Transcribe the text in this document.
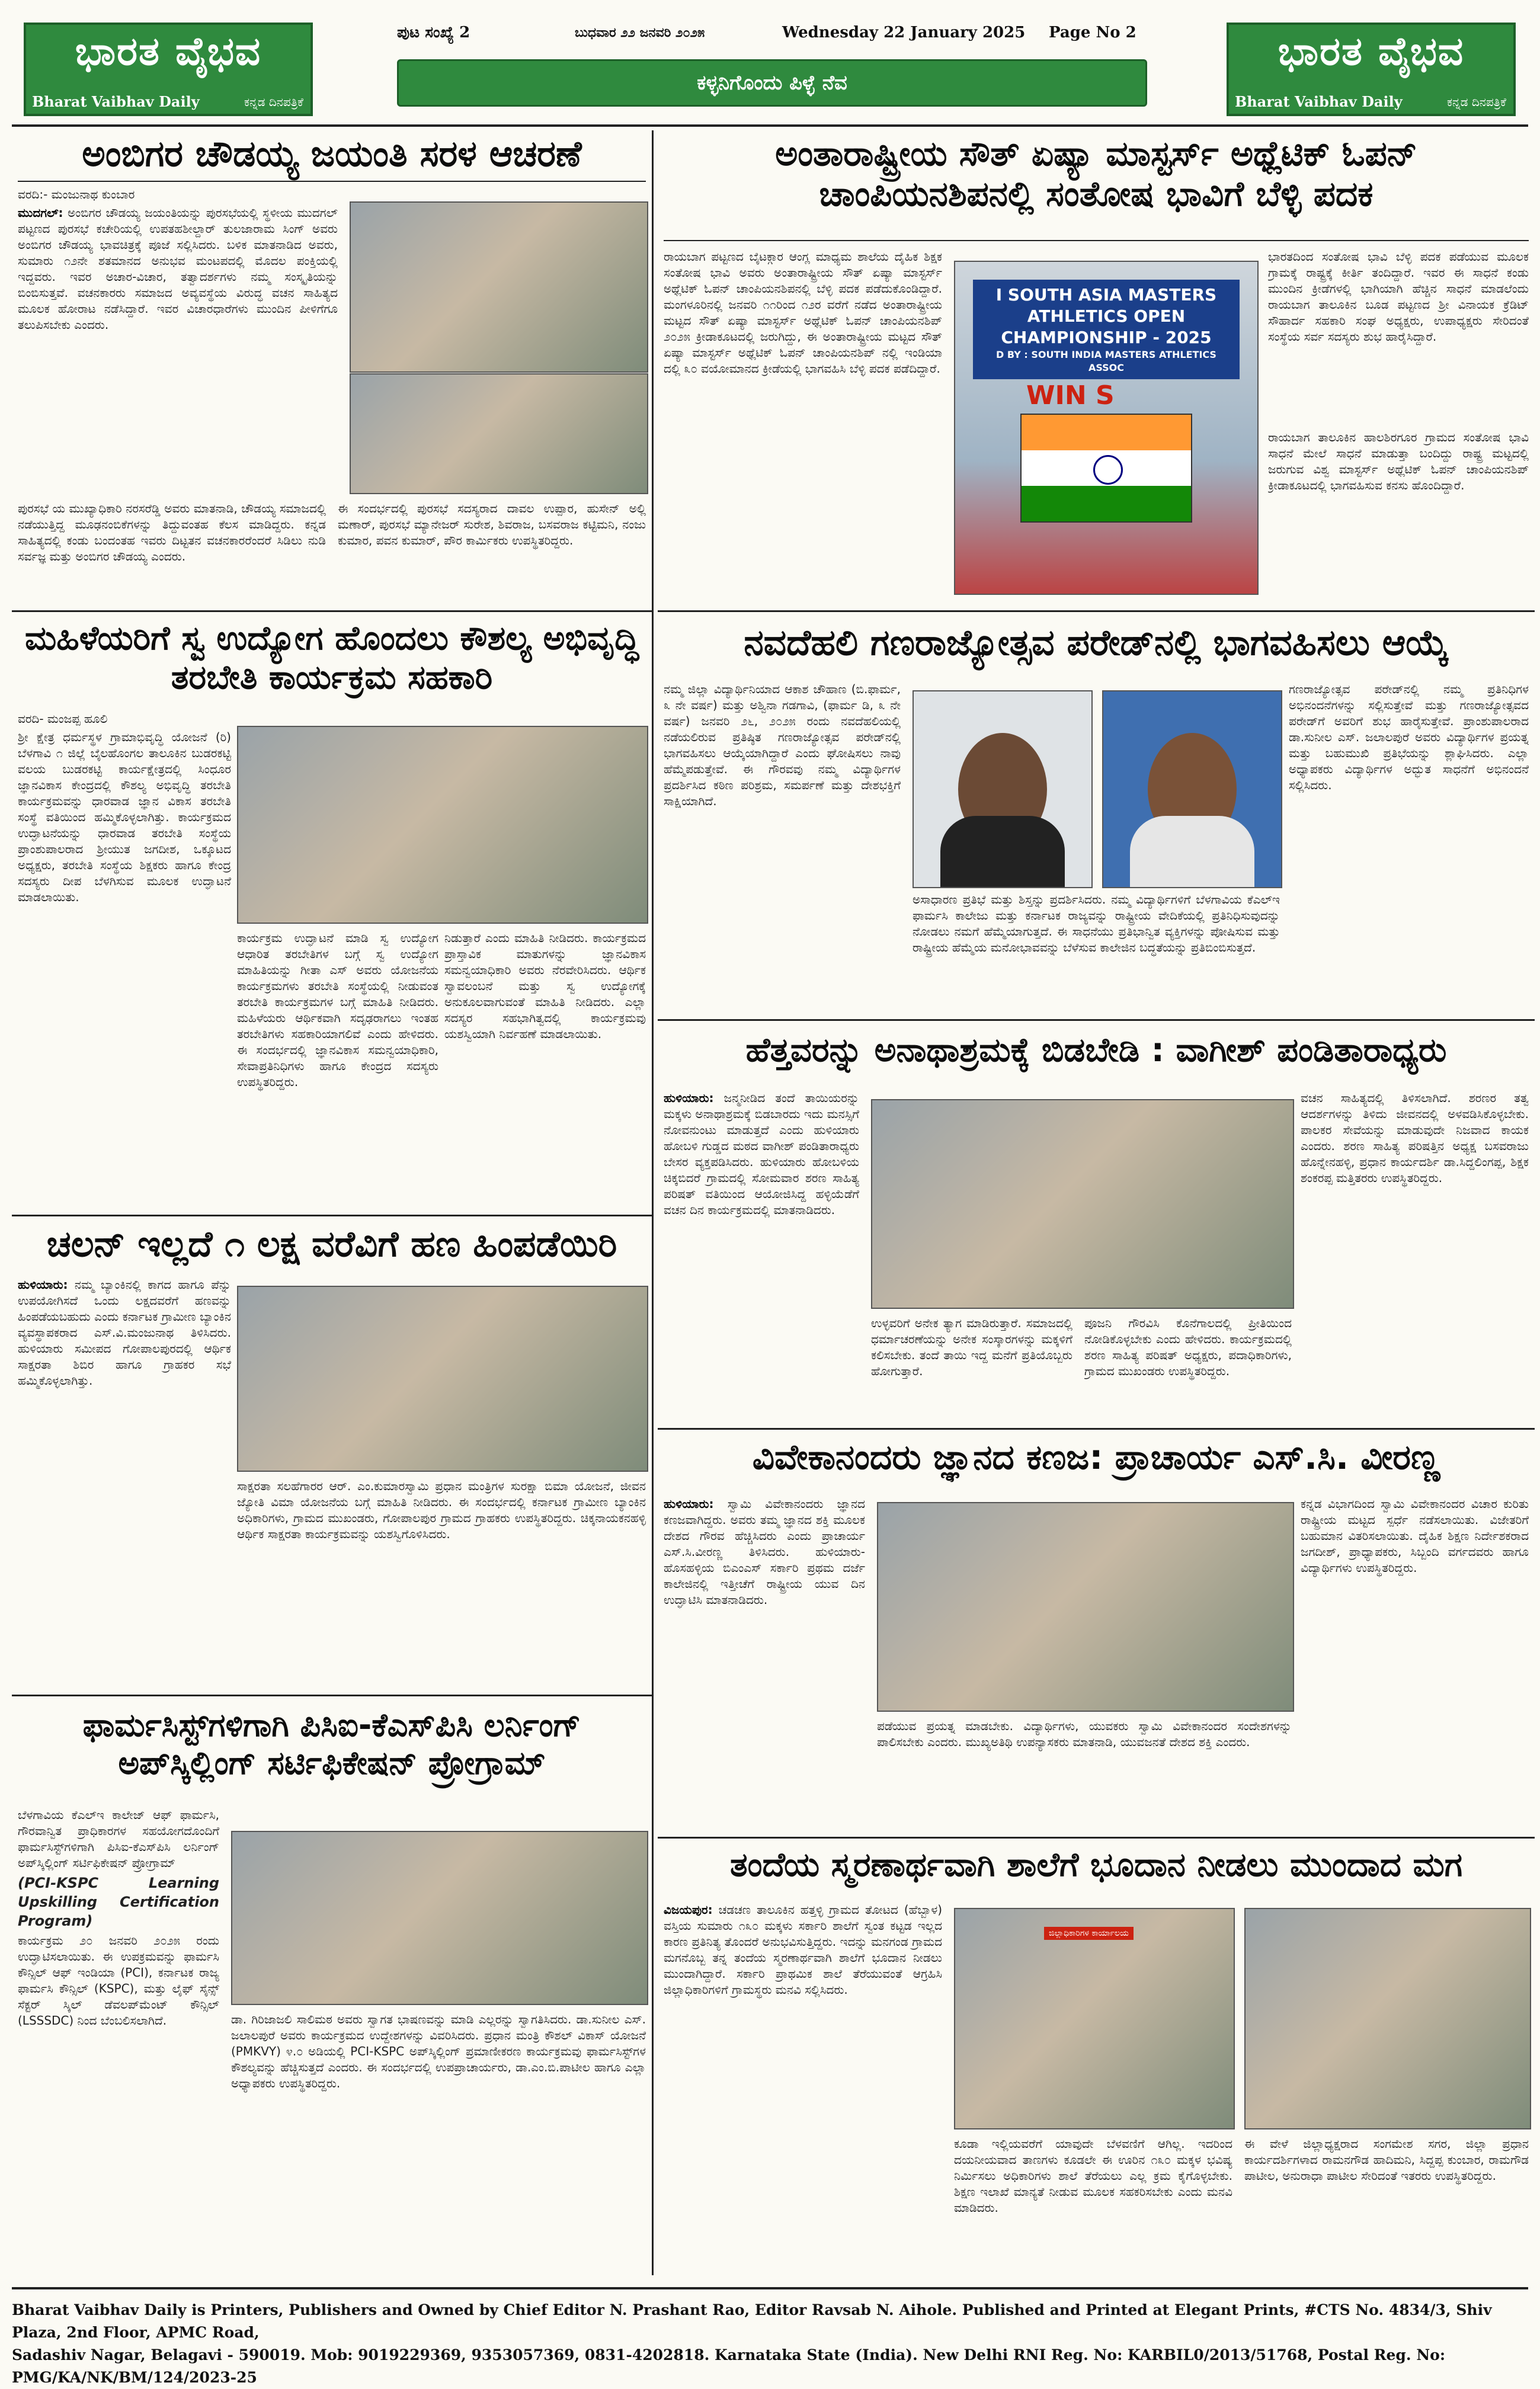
ಭಾರತ ವೈಭವ
Bharat Vaibhav Daily	ಕನ್ನಡ ದಿನಪತ್ರಿಕೆ
ಭಾರತ ವೈಭವ
Bharat Vaibhav Daily	ಕನ್ನಡ ದಿನಪತ್ರಿಕೆ
ಪುಟ ಸಂಖ್ಯೆ 2	ಬುಧವಾರ ೨೨ ಜನವರಿ ೨೦೨೫	Wednesday 22 January 2025 Page No 2
ಕಳ್ಳನಿಗೊಂದು ಪಿಳ್ಳೆ ನೆವ
ಅಂಬಿಗರ ಚೌಡಯ್ಯ ಜಯಂತಿ ಸರಳ ಆಚರಣೆ

ವರದಿ:- ಮಂಜುನಾಥ ಕುಂಬಾರ

ಮುದಗಲ್: ಅಂಬಿಗರ ಚೌಡಯ್ಯ ಜಯಂತಿಯನ್ನು ಪುರಸಭೆಯಲ್ಲಿ ಸ್ಥಳೀಯ ಮುದಗಲ್ ಪಟ್ಟಣದ ಪುರಸಭೆ ಕಚೇರಿಯಲ್ಲಿ ಉಪತಹಶೀಲ್ದಾರ್ ತುಲಜಾರಾಮ ಸಿಂಗ್ ಅವರು ಅಂಬಿಗರ ಚೌಡಯ್ಯ ಭಾವಚಿತ್ರಕ್ಕೆ ಪೂಜೆ ಸಲ್ಲಿಸಿದರು. ಬಳಿಕ ಮಾತನಾಡಿದ ಅವರು, ಸುಮಾರು ೧೨ನೇ ಶತಮಾನದ ಅನುಭವ ಮಂಟಪದಲ್ಲಿ ಮೊದಲ ಪಂಕ್ತಿಯಲ್ಲಿ ಇದ್ದವರು. ಇವರ ಅಚಾರ-ವಿಚಾರ, ತತ್ವಾದರ್ಶಗಳು ನಮ್ಮ ಸಂಸ್ಕೃತಿಯನ್ನು ಬಿಂಬಿಸುತ್ತವೆ. ವಚನಕಾರರು ಸಮಾಜದ ಅವ್ಯವಸ್ಥೆಯ ವಿರುದ್ಧ ವಚನ ಸಾಹಿತ್ಯದ ಮೂಲಕ ಹೋರಾಟ ನಡೆಸಿದ್ದಾರೆ. ಇವರ ವಿಚಾರಧಾರೆಗಳು ಮುಂದಿನ ಪೀಳಿಗೆಗೂ ತಲುಪಿಸಬೇಕು ಎಂದರು.

ಪುರಸಭೆ ಯ ಮುಖ್ಯಾಧಿಕಾರಿ ನರಸರೆಡ್ಡಿ ಅವರು ಮಾತನಾಡಿ, ಚೌಡಯ್ಯ ಸಮಾಜದಲ್ಲಿ ನಡೆಯುತ್ತಿದ್ದ ಮೂಢನಂಬಿಕೆಗಳನ್ನು ತಿದ್ದುವಂತಹ ಕೆಲಸ ಮಾಡಿದ್ದರು. ಕನ್ನಡ ಸಾಹಿತ್ಯದಲ್ಲಿ ಕಂಡು ಬಂದಂತಹ ಇವರು ದಿಟ್ಟತನ ವಚನಕಾರರೆಂದರೆ ಸಿಡಿಲು ನುಡಿ ಸರ್ವಜ್ಞ ಮತ್ತು ಅಂಬಿಗರ ಚೌಡಯ್ಯ ಎಂದರು.
ಈ ಸಂದರ್ಭದಲ್ಲಿ ಪುರಸಭೆ ಸದಸ್ಯರಾದ ದಾವಲ ಉಪ್ಪಾರ, ಹುಸೇನ್ ಅಲ್ಲಿ ಮಣಾರ್, ಪುರಸಭೆ ಮ್ಯಾನೇಜರ್ ಸುರೇಶ, ಶಿವರಾಜ, ಬಸವರಾಜ ಕಟ್ಟಿಮನಿ, ನಂಜು ಕುಮಾರ, ಪವನ ಕುಮಾರ್, ಪೌರ ಕಾರ್ಮಿಕರು ಉಪಸ್ಥಿತರಿದ್ದರು.
ಮಹಿಳೆಯರಿಗೆ ಸ್ವ ಉದ್ಯೋಗ ಹೊಂದಲು ಕೌಶಲ್ಯ ಅಭಿವೃದ್ಧಿ ತರಬೇತಿ ಕಾರ್ಯಕ್ರಮ ಸಹಕಾರಿ

ವರದಿ- ಮಂಜಪ್ಪ ಹೂಲಿ

ಶ್ರೀ ಕ್ಷೇತ್ರ ಧರ್ಮಸ್ಥಳ ಗ್ರಾಮಾಭಿವೃದ್ಧಿ ಯೋಜನೆ (ರಿ) ಬೆಳಗಾವಿ ೧ ಜಿಲ್ಲೆ ಬೈಲಹೊಂಗಲ ತಾಲೂಕಿನ ಬುಡರಕಟ್ಟಿ ವಲಯ ಬುಡರಕಟ್ಟಿ ಕಾರ್ಯಕ್ಷೇತ್ರದಲ್ಲಿ ಸಿಂಧೂರ ಜ್ಞಾನವಿಕಾಸ ಕೇಂದ್ರದಲ್ಲಿ ಕೌಶಲ್ಯ ಅಭಿವೃದ್ಧಿ ತರಬೇತಿ ಕಾರ್ಯಕ್ರಮವನ್ನು ಧಾರವಾಡ ಜ್ಞಾನ ವಿಕಾಸ ತರಬೇತಿ ಸಂಸ್ಥೆ ವತಿಯಿಂದ ಹಮ್ಮಿಕೊಳ್ಳಲಾಗಿತ್ತು. ಕಾರ್ಯಕ್ರಮದ ಉದ್ಘಾಟನೆಯನ್ನು ಧಾರವಾಡ ತರಬೇತಿ ಸಂಸ್ಥೆಯ ಪ್ರಾಂಶುಪಾಲರಾದ ಶ್ರೀಯುತ ಜಗದೀಶ, ಒಕ್ಕೂಟದ ಅಧ್ಯಕ್ಷರು, ತರಬೇತಿ ಸಂಸ್ಥೆಯ ಶಿಕ್ಷಕರು ಹಾಗೂ ಕೇಂದ್ರ ಸದಸ್ಯರು ದೀಪ ಬೆಳಗಿಸುವ ಮೂಲಕ ಉದ್ಘಾಟನೆ ಮಾಡಲಾಯಿತು.

ಕಾರ್ಯಕ್ರಮ ಉದ್ಘಾಟನೆ ಮಾಡಿ ಸ್ವ ಉದ್ಯೋಗ ಆಧಾರಿತ ತರಬೇತಿಗಳ ಬಗ್ಗೆ ಸ್ವ ಉದ್ಯೋಗ ಮಾಹಿತಿಯನ್ನು ಗೀತಾ ಎಸ್ ಅವರು ಯೋಜನೆಯ ಕಾರ್ಯಕ್ರಮಗಳು ತರಬೇತಿ ಸಂಸ್ಥೆಯಲ್ಲಿ ನೀಡುವಂತ ತರಬೇತಿ ಕಾರ್ಯಕ್ರಮಗಳ ಬಗ್ಗೆ ಮಾಹಿತಿ ನೀಡಿದರು. ಮಹಿಳೆಯರು ಆರ್ಥಿಕವಾಗಿ ಸದೃಢರಾಗಲು ಇಂತಹ ತರಬೇತಿಗಳು ಸಹಕಾರಿಯಾಗಲಿವೆ ಎಂದು ಹೇಳಿದರು. ಈ ಸಂದರ್ಭದಲ್ಲಿ ಜ್ಞಾನವಿಕಾಸ ಸಮನ್ವಯಾಧಿಕಾರಿ, ಸೇವಾಪ್ರತಿನಿಧಿಗಳು ಹಾಗೂ ಕೇಂದ್ರದ ಸದಸ್ಯರು ಉಪಸ್ಥಿತರಿದ್ದರು.
ನಿಡುತ್ತಾರೆ ಎಂದು ಮಾಹಿತಿ ನೀಡಿದರು. ಕಾರ್ಯಕ್ರಮದ ಪ್ರಾಸ್ತಾವಿಕ ಮಾತುಗಳನ್ನು ಜ್ಞಾನವಿಕಾಸ ಸಮನ್ವಯಾಧಿಕಾರಿ ಅವರು ನೆರವೇರಿಸಿದರು. ಆರ್ಥಿಕ ಸ್ವಾವಲಂಬನೆ ಮತ್ತು ಸ್ವ ಉದ್ಯೋಗಕ್ಕೆ ಅನುಕೂಲವಾಗುವಂತೆ ಮಾಹಿತಿ ನೀಡಿದರು. ಎಲ್ಲಾ ಸದಸ್ಯರ ಸಹಭಾಗಿತ್ವದಲ್ಲಿ ಕಾರ್ಯಕ್ರಮವು ಯಶಸ್ವಿಯಾಗಿ ನಿರ್ವಹಣೆ ಮಾಡಲಾಯಿತು.
ಚಲನ್ ಇಲ್ಲದೆ ೧ ಲಕ್ಷ ವರೆವಿಗೆ ಹಣ ಹಿಂಪಡೆಯಿರಿ

ಹುಳಿಯಾರು: ನಮ್ಮ ಬ್ಯಾಂಕಿನಲ್ಲಿ ಕಾಗದ ಹಾಗೂ ಪೆನ್ನು ಉಪಯೋಗಿಸದೆ ಒಂದು ಲಕ್ಷದವರೆಗೆ ಹಣವನ್ನು ಹಿಂಪಡೆಯಬಹುದು ಎಂದು ಕರ್ನಾಟಕ ಗ್ರಾಮೀಣ ಬ್ಯಾಂಕಿನ ವ್ಯವಸ್ಥಾಪಕರಾದ ಎಸ್.ವಿ.ಮಂಜುನಾಥ ತಿಳಿಸಿದರು. ಹುಳಿಯಾರು ಸಮೀಪದ ಗೋಪಾಲಪುರದಲ್ಲಿ ಆರ್ಥಿಕ ಸಾಕ್ಷರತಾ ಶಿಬಿರ ಹಾಗೂ ಗ್ರಾಹಕರ ಸಭೆ ಹಮ್ಮಿಕೊಳ್ಳಲಾಗಿತ್ತು.

ಸಾಕ್ಷರತಾ ಸಲಹೆಗಾರರ ಆರ್. ಎಂ.ಕುಮಾರಸ್ವಾಮಿ ಪ್ರಧಾನ ಮಂತ್ರಿಗಳ ಸುರಕ್ಷಾ ಬಿಮಾ ಯೋಜನೆ, ಜೀವನ ಜ್ಯೋತಿ ವಿಮಾ ಯೋಜನೆಯ ಬಗ್ಗೆ ಮಾಹಿತಿ ನೀಡಿದರು. ಈ ಸಂದರ್ಭದಲ್ಲಿ ಕರ್ನಾಟಕ ಗ್ರಾಮೀಣ ಬ್ಯಾಂಕಿನ ಅಧಿಕಾರಿಗಳು, ಗ್ರಾಮದ ಮುಖಂಡರು, ಗೋಪಾಲಪುರ ಗ್ರಾಮದ ಗ್ರಾಹಕರು ಉಪಸ್ಥಿತರಿದ್ದರು. ಚಿಕ್ಕನಾಯಕನಹಳ್ಳಿ ಆರ್ಥಿಕ ಸಾಕ್ಷರತಾ ಕಾರ್ಯಕ್ರಮವನ್ನು ಯಶಸ್ವಿಗೊಳಿಸಿದರು.
ಫಾರ್ಮಸಿಸ್ಟ್‌ಗಳಿಗಾಗಿ ಪಿಸಿಐ-ಕೆಎಸ್‌ಪಿಸಿ ಲರ್ನಿಂಗ್ ಅಪ್‌ಸ್ಕಿಲ್ಲಿಂಗ್ ಸರ್ಟಿಫಿಕೇಷನ್ ಪ್ರೋಗ್ರಾಮ್

ಬೆಳಗಾವಿಯ ಕೆಎಲ್ಇ ಕಾಲೇಜ್ ಆಫ್ ಫಾರ್ಮಸಿ, ಗೌರವಾನ್ವಿತ ಪ್ರಾಧಿಕಾರಗಳ ಸಹಯೋಗದೊಂದಿಗೆ ಫಾರ್ಮಸಿಸ್ಟ್‌ಗಳಿಗಾಗಿ ಪಿಸಿಐ-ಕೆಎಸ್‌ಪಿಸಿ ಲರ್ನಿಂಗ್ ಅಪ್‌ಸ್ಕಿಲ್ಲಿಂಗ್ ಸರ್ಟಿಫಿಕೇಷನ್ ಪ್ರೋಗ್ರಾಮ್

(PCI-KSPC Learning Upskilling Certification Program)

ಕಾರ್ಯಕ್ರಮ ೨೦ ಜನವರಿ ೨೦೨೫ ರಂದು ಉದ್ಘಾಟಿಸಲಾಯಿತು. ಈ ಉಪಕ್ರಮವನ್ನು ಫಾರ್ಮಸಿ ಕೌನ್ಸಿಲ್ ಆಫ್ ಇಂಡಿಯಾ (PCI), ಕರ್ನಾಟಕ ರಾಜ್ಯ ಫಾರ್ಮಸಿ ಕೌನ್ಸಿಲ್ (KSPC), ಮತ್ತು ಲೈಫ್ ಸೈನ್ಸ್ ಸೆಕ್ಟರ್ ಸ್ಕಿಲ್ ಡೆವಲಪ್‌ಮೆಂಟ್ ಕೌನ್ಸಿಲ್ (LSSSDC) ನಿಂದ ಬೆಂಬಲಿಸಲಾಗಿದೆ.	ಡಾ. ಗಿರಿಜಾಜಲಿ ಸಾಲಿಮಠ ಅವರು ಸ್ವಾಗತ ಭಾಷಣವನ್ನು ಮಾಡಿ ಎಲ್ಲರನ್ನು ಸ್ವಾಗತಿಸಿದರು. ಡಾ.ಸುನೀಲ ಎಸ್. ಜಲಾಲಪುರೆ ಅವರು ಕಾರ್ಯಕ್ರಮದ ಉದ್ದೇಶಗಳನ್ನು ವಿವರಿಸಿದರು. ಪ್ರಧಾನ ಮಂತ್ರಿ ಕೌಶಲ್ ವಿಕಾಸ್ ಯೋಜನೆ (PMKVY) ೪.೦ ಅಡಿಯಲ್ಲಿ PCI-KSPC ಅಪ್‌ಸ್ಕಿಲ್ಲಿಂಗ್ ಪ್ರಮಾಣೀಕರಣ ಕಾರ್ಯಕ್ರಮವು ಫಾರ್ಮಸಿಸ್ಟ್‌ಗಳ ಕೌಶಲ್ಯವನ್ನು ಹೆಚ್ಚಿಸುತ್ತದೆ ಎಂದರು. ಈ ಸಂದರ್ಭದಲ್ಲಿ ಉಪಪ್ರಾಚಾರ್ಯರು, ಡಾ.ಎಂ.ಬಿ.ಪಾಟೀಲ ಹಾಗೂ ಎಲ್ಲಾ ಅಧ್ಯಾಪಕರು ಉಪಸ್ಥಿತರಿದ್ದರು.
ಅಂತಾರಾಷ್ಟ್ರೀಯ ಸೌತ್ ಏಷ್ಯಾ ಮಾಸ್ಟರ್ಸ್ ಅಥ್ಲೆಟಿಕ್ ಓಪನ್ ಚಾಂಪಿಯನಶಿಪನಲ್ಲಿ ಸಂತೋಷ ಭಾವಿಗೆ ಬೆಳ್ಳಿ ಪದಕ
ರಾಯಬಾಗ ಪಟ್ಟಣದ ಬೈಟಕ್ಗಾರ ಆಂಗ್ಲ ಮಾಧ್ಯಮ ಶಾಲೆಯ ದೈಹಿಕ ಶಿಕ್ಷಕ ಸಂತೋಷ ಭಾವಿ ಅವರು ಅಂತಾರಾಷ್ಟ್ರೀಯ ಸೌತ್ ಏಷ್ಯಾ ಮಾಸ್ಟರ್ಸ್ ಅಥ್ಲೆಟಿಕ್ ಓಪನ್ ಚಾಂಪಿಯನಶಿಪನಲ್ಲಿ ಬೆಳ್ಳಿ ಪದಕ ಪಡೆದುಕೊಂಡಿದ್ದಾರೆ. ಮಂಗಳೂರಿನಲ್ಲಿ ಜನವರಿ ೧೧ರಿಂದ ೧೨ರ ವರೆಗೆ ನಡೆದ ಅಂತಾರಾಷ್ಟ್ರೀಯ ಮಟ್ಟದ ಸೌತ್ ಏಷ್ಯಾ ಮಾಸ್ಟರ್ಸ್ ಅಥ್ಲೆಟಿಕ್ ಓಪನ್ ಚಾಂಪಿಯನಶಿಪ್ ೨೦೨೫ ಕ್ರೀಡಾಕೂಟದಲ್ಲಿ ಜರುಗಿದ್ದು, ಈ ಅಂತಾರಾಷ್ಟ್ರೀಯ ಮಟ್ಟದ ಸೌತ್ ಏಷ್ಯಾ ಮಾಸ್ಟರ್ಸ್ ಅಥ್ಲೆಟಿಕ್ ಓಪನ್ ಚಾಂಪಿಯನಶಿಪ್ ನಲ್ಲಿ ಇಂಡಿಯಾ ದಲ್ಲಿ ೩೦ ವಯೋಮಾನದ ಕ್ರೀಡೆಯಲ್ಲಿ ಭಾಗವಹಿಸಿ ಬೆಳ್ಳಿ ಪದಕ ಪಡೆದಿದ್ದಾರೆ.
I SOUTH ASIA MASTERS ATHLETICS OPEN CHAMPIONSHIP - 2025
D BY : SOUTH INDIA MASTERS ATHLETICS ASSOC
WIN S
ಭಾರತದಿಂದ ಸಂತೋಷ ಭಾವಿ ಬೆಳ್ಳಿ ಪದಕ ಪಡೆಯುವ ಮೂಲಕ ಗ್ರಾಮಕ್ಕೆ ರಾಷ್ಟ್ರಕ್ಕೆ ಕೀರ್ತಿ ತಂದಿದ್ದಾರೆ. ಇವರ ಈ ಸಾಧನೆ ಕಂಡು ಮುಂದಿನ ಕ್ರೀಡೆಗಳಲ್ಲಿ ಭಾಗಿಯಾಗಿ ಹೆಚ್ಚಿನ ಸಾಧನೆ ಮಾಡಲೆಂದು ರಾಯಬಾಗ ತಾಲೂಕಿನ ಬೂಡ ಪಟ್ಟಣದ ಶ್ರೀ ವಿನಾಯಕ ಕ್ರೆಡಿಟ್ ಸೌಹಾರ್ದ ಸಹಕಾರಿ ಸಂಘ ಅಧ್ಯಕ್ಷರು, ಉಪಾಧ್ಯಕ್ಷರು ಸೇರಿದಂತೆ ಸಂಸ್ಥೆಯ ಸರ್ವ ಸದಸ್ಯರು ಶುಭ ಹಾರೈಸಿದ್ದಾರೆ.
ರಾಯಬಾಗ ತಾಲೂಕಿನ ಹಾಲಶಿರಗೂರ ಗ್ರಾಮದ ಸಂತೋಷ ಭಾವಿ ಸಾಧನೆ ಮೇಲೆ ಸಾಧನೆ ಮಾಡುತ್ತಾ ಬಂದಿದ್ದು ರಾಷ್ಟ್ರ ಮಟ್ಟದಲ್ಲಿ ಜರುಗುವ ವಿಶ್ವ ಮಾಸ್ಟರ್ಸ್ ಅಥ್ಲೆಟಿಕ್ ಓಪನ್ ಚಾಂಪಿಯನಶಿಪ್ ಕ್ರೀಡಾಕೂಟದಲ್ಲಿ ಭಾಗವಹಿಸುವ ಕನಸು ಹೊಂದಿದ್ದಾರೆ.
ನವದೆಹಲಿ ಗಣರಾಜ್ಯೋತ್ಸವ ಪರೇಡ್‌ನಲ್ಲಿ ಭಾಗವಹಿಸಲು ಆಯ್ಕೆ
ನಮ್ಮ ಜಿಲ್ಲಾ ವಿದ್ಯಾರ್ಥಿನಿಯಾದ ಆಕಾಶ ಚೌಹಾಣ (ಬಿ.ಫಾರ್ಮ, ೩ ನೇ ವರ್ಷ) ಮತ್ತು ಅಶ್ವಿನಾ ಗಡಗಾವಿ, (ಫಾರ್ಮ ಡಿ, ೩ ನೇ ವರ್ಷ) ಜನವರಿ ೨೬, ೨೦೨೫ ರಂದು ನವದೆಹಲಿಯಲ್ಲಿ ನಡೆಯಲಿರುವ ಪ್ರತಿಷ್ಠಿತ ಗಣರಾಜ್ಯೋತ್ಸವ ಪರೇಡ್‌ನಲ್ಲಿ ಭಾಗವಹಿಸಲು ಆಯ್ಕೆಯಾಗಿದ್ದಾರೆ ಎಂದು ಘೋಷಿಸಲು ನಾವು ಹೆಮ್ಮೆಪಡುತ್ತೇವೆ. ಈ ಗೌರವವು ನಮ್ಮ ವಿದ್ಯಾರ್ಥಿಗಳ ಪ್ರದರ್ಶಿಸಿದ ಕಠಿಣ ಪರಿಶ್ರಮ, ಸಮರ್ಪಣೆ ಮತ್ತು ದೇಶಭಕ್ತಿಗೆ ಸಾಕ್ಷಿಯಾಗಿದೆ.
ಅಸಾಧಾರಣ ಪ್ರತಿಭೆ ಮತ್ತು ಶಿಸ್ತನ್ನು ಪ್ರದರ್ಶಿಸಿದರು. ನಮ್ಮ ವಿದ್ಯಾರ್ಥಿಗಳಿಗೆ ಬೆಳಗಾವಿಯ ಕೆಎಲ್‌ಇ ಫಾರ್ಮಸಿ ಕಾಲೇಜು ಮತ್ತು ಕರ್ನಾಟಕ ರಾಜ್ಯವನ್ನು ರಾಷ್ಟ್ರೀಯ ವೇದಿಕೆಯಲ್ಲಿ ಪ್ರತಿನಿಧಿಸುವುದನ್ನು ನೋಡಲು ನಮಗೆ ಹೆಮ್ಮೆಯಾಗುತ್ತದೆ. ಈ ಸಾಧನೆಯು ಪ್ರತಿಭಾನ್ವಿತ ವ್ಯಕ್ತಿಗಳನ್ನು ಪೋಷಿಸುವ ಮತ್ತು ರಾಷ್ಟ್ರೀಯ ಹೆಮ್ಮೆಯ ಮನೋಭಾವವನ್ನು ಬೆಳೆಸುವ ಕಾಲೇಜಿನ ಬದ್ಧತೆಯನ್ನು ಪ್ರತಿಬಿಂಬಿಸುತ್ತದೆ.
ಗಣರಾಜ್ಯೋತ್ಸವ ಪರೇಡ್‌ನಲ್ಲಿ ನಮ್ಮ ಪ್ರತಿನಿಧಿಗಳ ಅಭಿನಂದನೆಗಳನ್ನು ಸಲ್ಲಿಸುತ್ತೇವೆ ಮತ್ತು ಗಣರಾಜ್ಯೋತ್ಸವದ ಪರೇಡ್‌ಗೆ ಅವರಿಗೆ ಶುಭ ಹಾರೈಸುತ್ತೇವೆ. ಪ್ರಾಂಶುಪಾಲರಾದ ಡಾ.ಸುನೀಲ ಎಸ್. ಜಲಾಲಪುರೆ ಅವರು ವಿದ್ಯಾರ್ಥಿಗಳ ಪ್ರಯತ್ನ ಮತ್ತು ಬಹುಮುಖಿ ಪ್ರತಿಭೆಯನ್ನು ಶ್ಲಾಘಿಸಿದರು. ಎಲ್ಲಾ ಅಧ್ಯಾಪಕರು ವಿದ್ಯಾರ್ಥಿಗಳ ಅದ್ಭುತ ಸಾಧನೆಗೆ ಅಭಿನಂದನೆ ಸಲ್ಲಿಸಿದರು.
ಹೆತ್ತವರನ್ನು ಅನಾಥಾಶ್ರಮಕ್ಕೆ ಬಿಡಬೇಡಿ : ವಾಗೀಶ್ ಪಂಡಿತಾರಾಧ್ಯರು

ಹುಳಿಯಾರು: ಜನ್ಮನೀಡಿದ ತಂದೆ ತಾಯಿಯರನ್ನು ಮಕ್ಕಳು ಅನಾಥಾಶ್ರಮಕ್ಕೆ ಬಿಡಬಾರದು ಇದು ಮನಸ್ಸಿಗೆ ನೋವನುಂಟು ಮಾಡುತ್ತದೆ ಎಂದು ಹುಳಿಯಾರು ಹೋಬಳಿ ಗುಡ್ಡದ ಮಠದ ವಾಗೀಶ್ ಪಂಡಿತಾರಾಧ್ಯರು ಬೇಸರ ವ್ಯಕ್ತಪಡಿಸಿದರು. ಹುಳಿಯಾರು ಹೋಬಳಿಯ ಚಿಕ್ಕಬಿದರೆ ಗ್ರಾಮದಲ್ಲಿ ಸೋಮವಾರ ಶರಣ ಸಾಹಿತ್ಯ ಪರಿಷತ್ ವತಿಯಿಂದ ಆಯೋಜಿಸಿದ್ದ ಹಳ್ಳಿಯೆಡೆಗೆ ವಚನ ದಿನ ಕಾರ್ಯಕ್ರಮದಲ್ಲಿ ಮಾತನಾಡಿದರು.

ಉಳ್ಳವರಿಗೆ ಅನೇಕ ತ್ಯಾಗ ಮಾಡಿರುತ್ತಾರೆ. ಸಮಾಜದಲ್ಲಿ ಧರ್ಮಾಚರಣೆಯನ್ನು ಅನೇಕ ಸಂಸ್ಕಾರಗಳನ್ನು ಮಕ್ಕಳಿಗೆ ಕಲಿಸಬೇಕು. ತಂದೆ ತಾಯಿ ಇದ್ದ ಮನೆಗೆ ಪ್ರತಿಯೊಬ್ಬರು ಹೋಗುತ್ತಾರೆ.
ಪೂಜನಿ ಗೌರವಿಸಿ ಕೊನೆಗಾಲದಲ್ಲಿ ಪ್ರೀತಿಯಿಂದ ನೋಡಿಕೊಳ್ಳಬೇಕು ಎಂದು ಹೇಳಿದರು. ಕಾರ್ಯಕ್ರಮದಲ್ಲಿ ಶರಣ ಸಾಹಿತ್ಯ ಪರಿಷತ್ ಅಧ್ಯಕ್ಷರು, ಪದಾಧಿಕಾರಿಗಳು, ಗ್ರಾಮದ ಮುಖಂಡರು ಉಪಸ್ಥಿತರಿದ್ದರು.
ವಚನ ಸಾಹಿತ್ಯದಲ್ಲಿ ತಿಳಿಸಲಾಗಿದೆ. ಶರಣರ ತತ್ವ ಆದರ್ಶಗಳನ್ನು ತಿಳಿದು ಜೀವನದಲ್ಲಿ ಅಳವಡಿಸಿಕೊಳ್ಳಬೇಕು. ಪಾಲಕರ ಸೇವೆಯನ್ನು ಮಾಡುವುದೇ ನಿಜವಾದ ಕಾಯಕ ಎಂದರು. ಶರಣ ಸಾಹಿತ್ಯ ಪರಿಷತ್ತಿನ ಅಧ್ಯಕ್ಷ ಬಸವರಾಜು ಹೊನ್ನೇನಹಳ್ಳಿ, ಪ್ರಧಾನ ಕಾರ್ಯದರ್ಶಿ ಡಾ.ಸಿದ್ದಲಿಂಗಪ್ಪ, ಶಿಕ್ಷಕ ಶಂಕರಪ್ಪ ಮತ್ತಿತರರು ಉಪಸ್ಥಿತರಿದ್ದರು.
ವಿವೇಕಾನಂದರು ಜ್ಞಾನದ ಕಣಜ: ಪ್ರಾಚಾರ್ಯ ಎಸ್.ಸಿ. ವೀರಣ್ಣ

ಹುಳಿಯಾರು: ಸ್ವಾಮಿ ವಿವೇಕಾನಂದರು ಜ್ಞಾನದ ಕಣಜವಾಗಿದ್ದರು. ಅವರು ತಮ್ಮ ಜ್ಞಾನದ ಶಕ್ತಿ ಮೂಲಕ ದೇಶದ ಗೌರವ ಹೆಚ್ಚಿಸಿದರು ಎಂದು ಪ್ರಾಚಾರ್ಯ ಎಸ್.ಸಿ.ವೀರಣ್ಣ ತಿಳಿಸಿದರು. ಹುಳಿಯಾರು-ಹೊಸಹಳ್ಳಿಯ ಬಿಎಂಎಸ್ ಸರ್ಕಾರಿ ಪ್ರಥಮ ದರ್ಜೆ ಕಾಲೇಜಿನಲ್ಲಿ ಇತ್ತೀಚೆಗೆ ರಾಷ್ಟ್ರೀಯ ಯುವ ದಿನ ಉದ್ಘಾಟಿಸಿ ಮಾತನಾಡಿದರು.

ಪಡೆಯುವ ಪ್ರಯತ್ನ ಮಾಡಬೇಕು. ವಿದ್ಯಾರ್ಥಿಗಳು, ಯುವಕರು ಸ್ವಾಮಿ ವಿವೇಕಾನಂದರ ಸಂದೇಶಗಳನ್ನು ಪಾಲಿಸಬೇಕು ಎಂದರು. ಮುಖ್ಯಅತಿಥಿ ಉಪನ್ಯಾಸಕರು ಮಾತನಾಡಿ, ಯುವಜನತೆ ದೇಶದ ಶಕ್ತಿ ಎಂದರು.
ಕನ್ನಡ ವಿಭಾಗದಿಂದ ಸ್ವಾಮಿ ವಿವೇಕಾನಂದರ ವಿಚಾರ ಕುರಿತು ರಾಷ್ಟ್ರೀಯ ಮಟ್ಟದ ಸ್ಪರ್ಧೆ ನಡೆಸಲಾಯಿತು. ವಿಜೇತರಿಗೆ ಬಹುಮಾನ ವಿತರಿಸಲಾಯಿತು. ದೈಹಿಕ ಶಿಕ್ಷಣ ನಿರ್ದೇಶಕರಾದ ಜಗದೀಶ್, ಪ್ರಾಧ್ಯಾಪಕರು, ಸಿಬ್ಬಂದಿ ವರ್ಗದವರು ಹಾಗೂ ವಿದ್ಯಾರ್ಥಿಗಳು ಉಪಸ್ಥಿತರಿದ್ದರು.
ತಂದೆಯ ಸ್ಮರಣಾರ್ಥವಾಗಿ ಶಾಲೆಗೆ ಭೂದಾನ ನೀಡಲು ಮುಂದಾದ ಮಗ

ವಿಜಯಪುರ: ಚಡಚಣ ತಾಲೂಕಿನ ಹತ್ತಳ್ಳಿ ಗ್ರಾಮದ ತೋಟದ (ಹೆಬ್ಬಾಳ) ವಸ್ತಿಯ ಸುಮಾರು ೧೩೦ ಮಕ್ಕಳು ಸರ್ಕಾರಿ ಶಾಲೆಗೆ ಸ್ವಂತ ಕಟ್ಟಡ ಇಲ್ಲದ ಕಾರಣ ಪ್ರತಿನಿತ್ಯ ತೊಂದರೆ ಅನುಭವಿಸುತ್ತಿದ್ದರು. ಇದನ್ನು ಮನಗಂಡ ಗ್ರಾಮದ ಮಗನೊಬ್ಬ ತನ್ನ ತಂದೆಯ ಸ್ಮರಣಾರ್ಥವಾಗಿ ಶಾಲೆಗೆ ಭೂದಾನ ನೀಡಲು ಮುಂದಾಗಿದ್ದಾರೆ. ಸರ್ಕಾರಿ ಪ್ರಾಥಮಿಕ ಶಾಲೆ ತೆರೆಯುವಂತೆ ಆಗ್ರಹಿಸಿ ಜಿಲ್ಲಾಧಿಕಾರಿಗಳಿಗೆ ಗ್ರಾಮಸ್ಥರು ಮನವಿ ಸಲ್ಲಿಸಿದರು.

ಜಿಲ್ಲಾಧಿಕಾರಿಗಳ ಕಾರ್ಯಾಲಯ
ಕೂಡಾ ಇಲ್ಲಿಯವರೆಗೆ ಯಾವುದೇ ಬೆಳವಣಿಗೆ ಆಗಿಲ್ಲ. ಇದರಿಂದ ದಯನೀಯವಾದ ತಾಣಗಳು ಕೂಡಲೇ ಈ ಊರಿನ ೧೩೦ ಮಕ್ಕಳ ಭವಿಷ್ಯ ನಿರ್ಮಿಸಲು ಅಧಿಕಾರಿಗಳು ಶಾಲೆ ತೆರೆಯಲು ಎಲ್ಲ ಕ್ರಮ ಕೈಗೊಳ್ಳಬೇಕು. ಶಿಕ್ಷಣ ಇಲಾಖೆ ಮಾನ್ಯತೆ ನೀಡುವ ಮೂಲಕ ಸಹಕರಿಸಬೇಕು ಎಂದು ಮನವಿ ಮಾಡಿದರು.
ಈ ವೇಳೆ ಜಿಲ್ಲಾಧ್ಯಕ್ಷರಾದ ಸಂಗಮೇಶ ಸಗರ, ಜಿಲ್ಲಾ ಪ್ರಧಾನ ಕಾರ್ಯದರ್ಶಿಗಳಾದ ರಾಮನಗೌಡ ಹಾದಿಮನಿ, ಸಿದ್ದಪ್ಪ ಕುಂಬಾರ, ರಾಮಗೌಡ ಪಾಟೀಲ, ಅನುರಾಧಾ ಪಾಟೀಲ ಸೇರಿದಂತೆ ಇತರರು ಉಪಸ್ಥಿತರಿದ್ದರು.
Bharat Vaibhav Daily is Printers, Publishers and Owned by Chief Editor N. Prashant Rao, Editor Ravsab N. Aihole. Published and Printed at Elegant Prints, #CTS No. 4834/3, Shiv Plaza, 2nd Floor, APMC Road,
Sadashiv Nagar, Belagavi - 590019. Mob: 9019229369, 9353057369, 0831-4202818. Karnataka State (India). New Delhi RNI Reg. No: KARBIL0/2013/51768, Postal Reg. No: PMG/KA/NK/BM/124/2023-25
